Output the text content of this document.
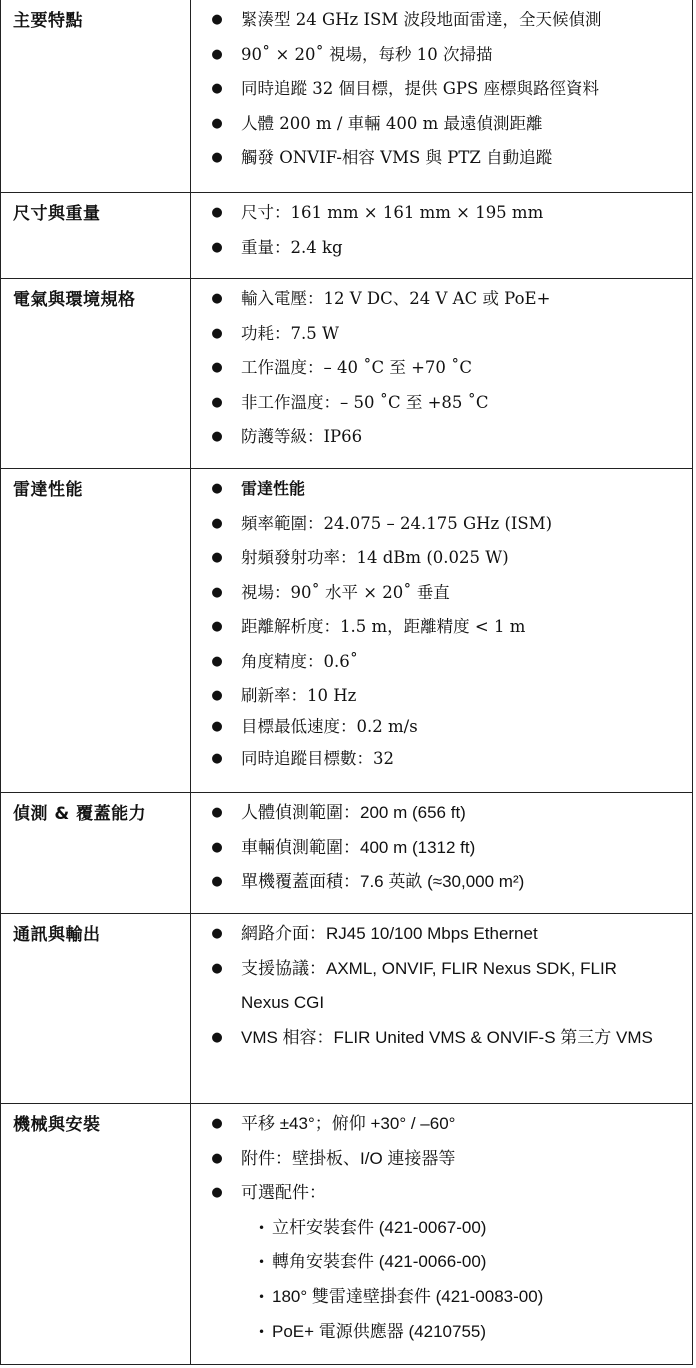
主要特點 ●	緊湊型 24 GHz ISM 波段地面雷達，全天候偵測
●
90˚ × 20˚ 視場，每秒 10 次掃描
●
同時追蹤 32 個目標，提供 GPS 座標與路徑資料
●
人體 200 m / 車輛 400 m 最遠偵測距離
●
觸發 ONVIF-相容 VMS 與 PTZ 自動追蹤
尺寸與重量 ●	尺寸：161 mm × 161 mm × 195 mm
●
重量：2.4 kg
電氣與環境規格 ●	輸入電壓：12 V DC、24 V AC 或 PoE+
●
功耗：7.5 W
●
工作溫度：– 40 ˚C 至 +70 ˚C
●
非工作溫度：– 50 ˚C 至 +85 ˚C
●
防護等級：IP66
雷達性能 ●	雷達性能
●
頻率範圍：24.075 – 24.175 GHz (ISM)
●
射頻發射功率：14 dBm (0.025 W)
●
視場：90˚ 水平 × 20˚ 垂直
●
距離解析度：1.5 m，距離精度 < 1 m
●
角度精度：0.6˚
●
刷新率：10 Hz
●
目標最低速度：0.2 m/s
●
同時追蹤目標數：32
偵測 & 覆蓋能力 ●	人體偵測範圍：200 m (656 ft)
●
車輛偵測範圍：400 m (1312 ft)
●
單機覆蓋面積：7.6 英畝 (≈30,000 m²)
通訊與輸出 ●	網路介面：RJ45 10/100 Mbps Ethernet
●
支援協議：AXML, ONVIF, FLIR Nexus SDK, FLIR Nexus CGI
●
VMS 相容：FLIR United VMS & ONVIF-S 第三方 VMS
機械與安裝 ●	平移 ±43°；俯仰 +30° / –60°
●
附件：壁掛板、I/O 連接器等
●
可選配件：
•
立杆安裝套件 (421-0067-00)
•
轉角安裝套件 (421-0066-00)
•
180° 雙雷達壁掛套件 (421-0083-00)
•
PoE+ 電源供應器 (4210755)
